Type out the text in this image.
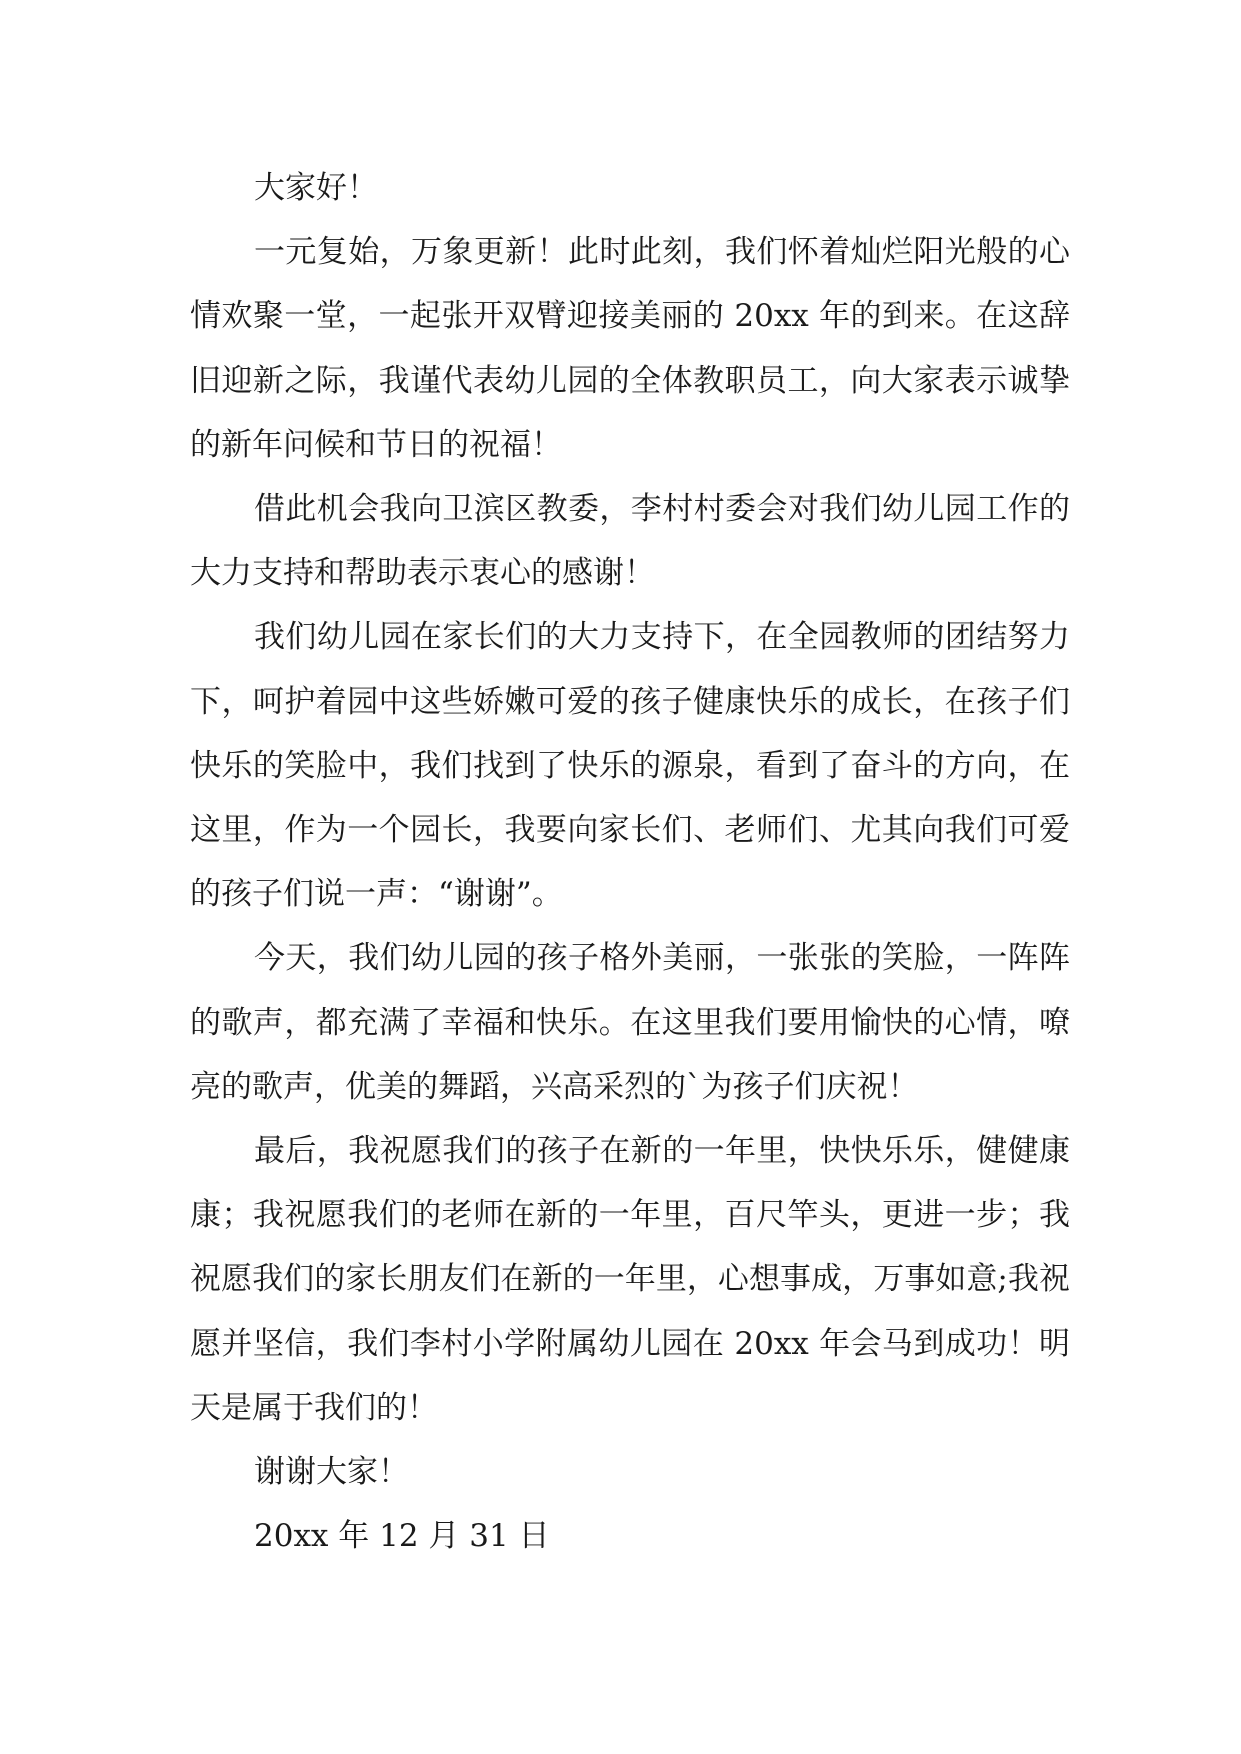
大家好！

一元复始，万象更新！此时此刻，我们怀着灿烂阳光般的心情欢聚一堂，一起张开双臂迎接美丽的 20xx 年的到来。在这辞旧迎新之际，我谨代表幼儿园的全体教职员工，向大家表示诚挚的新年问候和节日的祝福！

借此机会我向卫滨区教委，李村村委会对我们幼儿园工作的大力支持和帮助表示衷心的感谢！

我们幼儿园在家长们的大力支持下，在全园教师的团结努力下，呵护着园中这些娇嫩可爱的孩子健康快乐的成长，在孩子们快乐的笑脸中，我们找到了快乐的源泉，看到了奋斗的方向，在这里，作为一个园长，我要向家长们、老师们、尤其向我们可爱的孩子们说一声：“谢谢”。

今天，我们幼儿园的孩子格外美丽，一张张的笑脸，一阵阵的歌声，都充满了幸福和快乐。在这里我们要用愉快的心情，嘹亮的歌声，优美的舞蹈，兴高采烈的`为孩子们庆祝！

最后，我祝愿我们的孩子在新的一年里，快快乐乐，健健康康；我祝愿我们的老师在新的一年里，百尺竿头，更进一步；我祝愿我们的家长朋友们在新的一年里，心想事成，万事如意;我祝愿并坚信，我们李村小学附属幼儿园在 20xx 年会马到成功！明天是属于我们的！

谢谢大家！

20xx 年 12 月 31 日
